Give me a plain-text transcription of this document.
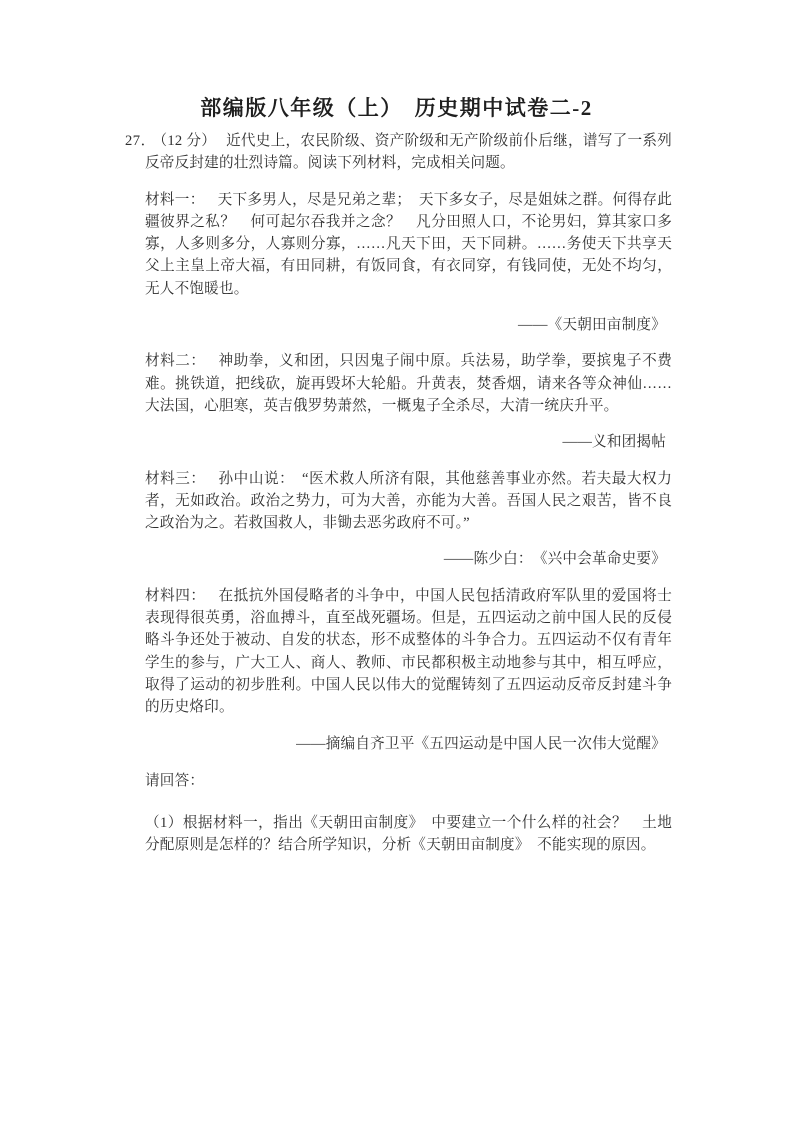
部编版八年级（上）　历史期中试卷二-2

27． （12 分） 近代史上，农民阶级、资产阶级和无产阶级前仆后继，谱写了一系列反帝反封建的壮烈诗篇。阅读下列材料，完成相关问题。

材料一： 天下多男人，尽是兄弟之辈；　天下多女子，尽是姐妹之群。何得存此疆彼界之私？　何可起尔吞我并之念？　凡分田照人口，不论男妇，算其家口多寡，人多则多分，人寡则分寡，……凡天下田，天下同耕。……务使天下共享天父上主皇上帝大福，有田同耕，有饭同食，有衣同穿，有钱同使，无处不均匀，无人不饱暖也。

——《天朝田亩制度》

材料二： 神助拳，义和团，只因鬼子闹中原。兵法易，助学拳，要摈鬼子不费难。挑铁道，把线砍，旋再毁坏大轮船。升黄表，焚香烟，请来各等众神仙……大法国，心胆寒，英吉俄罗势萧然，一概鬼子全杀尽，大清一统庆升平。

——义和团揭帖

材料三： 孙中山说：　“医术救人所济有限，其他慈善事业亦然。若夫最大权力者，无如政治。政治之势力，可为大善，亦能为大善。吾国人民之艰苦，皆不良之政治为之。若救国救人，非锄去恶劣政府不可。”

——陈少白：　《兴中会革命史要》

材料四： 在抵抗外国侵略者的斗争中，中国人民包括清政府军队里的爱国将士表现得很英勇，浴血搏斗，直至战死疆场。但是，五四运动之前中国人民的反侵略斗争还处于被动、自发的状态，形不成整体的斗争合力。五四运动不仅有青年学生的参与，广大工人、商人、教师、市民都积极主动地参与其中，相互呼应，取得了运动的初步胜利。中国人民以伟大的觉醒铸刻了五四运动反帝反封建斗争的历史烙印。

——摘编自齐卫平《五四运动是中国人民一次伟大觉醒》

请回答：

（1）根据材料一，指出《天朝田亩制度》　中要建立一个什么样的社会？　土地分配原则是怎样的？结合所学知识，分析《天朝田亩制度》　不能实现的原因。
